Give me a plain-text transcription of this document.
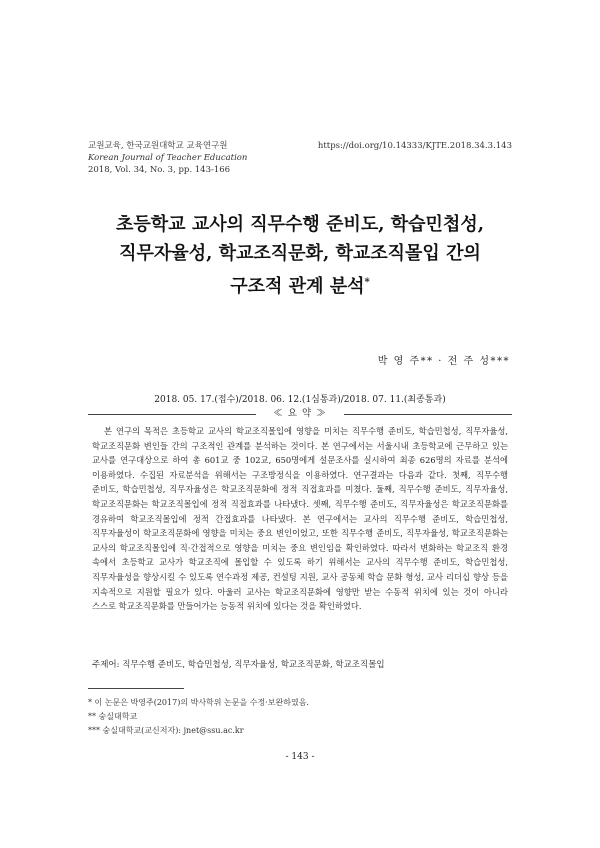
교원교육, 한국교원대학교 교육연구원
Korean Journal of Teacher Education
2018, Vol. 34, No. 3, pp. 143-166
https://doi.org/10.14333/KJTE.2018.34.3.143
초등학교 교사의 직무수행 준비도, 학습민첩성,
직무자율성, 학교조직문화, 학교조직몰입 간의
구조적 관계 분석*
박 영 주** · 전 주 성***
2018. 05. 17.(접수)/2018. 06. 12.(1심통과)/2018. 07. 11.(최종통과)
≪ 요 약 ≫
본 연구의 목적은 초등학교 교사의 학교조직몰입에 영향을 미치는 직무수행 준비도, 학습민첩성, 직무자율성, 학교조직문화 변인들 간의 구조적인 관계를 분석하는 것이다. 본 연구에서는 서울시내 초등학교에 근무하고 있는 교사를 연구대상으로 하여 총 601교 중 102교, 650명에게 설문조사를 실시하여 최종 626명의 자료를 분석에 이용하였다. 수집된 자료분석을 위해서는 구조방정식을 이용하였다. 연구결과는 다음과 같다. 첫째, 직무수행 준비도, 학습민첩성, 직무자율성은 학교조직문화에 정적 직접효과를 미쳤다. 둘째, 직무수행 준비도, 직무자율성, 학교조직문화는 학교조직몰입에 정적 직접효과를 나타냈다. 셋째, 직무수행 준비도, 직무자율성은 학교조직문화를 경유하여 학교조직몰입에 정적 간접효과를 나타냈다. 본 연구에서는 교사의 직무수행 준비도, 학습민첩성, 직무자율성이 학교조직문화에 영향을 미치는 중요 변인이었고, 또한 직무수행 준비도, 직무자율성, 학교조직문화는 교사의 학교조직몰입에 직·간접적으로 영향을 미치는 중요 변인임을 확인하였다. 따라서 변화하는 학교조직 환경 속에서 초등학교 교사가 학교조직에 몰입할 수 있도록 하기 위해서는 교사의 직무수행 준비도, 학습민첩성, 직무자율성을 향상시킬 수 있도록 연수과정 제공, 컨설팅 지원, 교사 공동체 학습 문화 형성, 교사 리더십 향상 등을 지속적으로 지원할 필요가 있다. 아울러 교사는 학교조직문화에 영향만 받는 수동적 위치에 있는 것이 아니라 스스로 학교조직문화를 만들어가는 능동적 위치에 있다는 것을 확인하였다.
주제어: 직무수행 준비도, 학습민첩성, 직무자율성, 학교조직문화, 학교조직몰입
* 이 논문은 박영주(2017)의 박사학위 논문을 수정·보완하였음.
** 숭실대학교
*** 숭실대학교(교신저자): jnet@ssu.ac.kr
- 143 -
